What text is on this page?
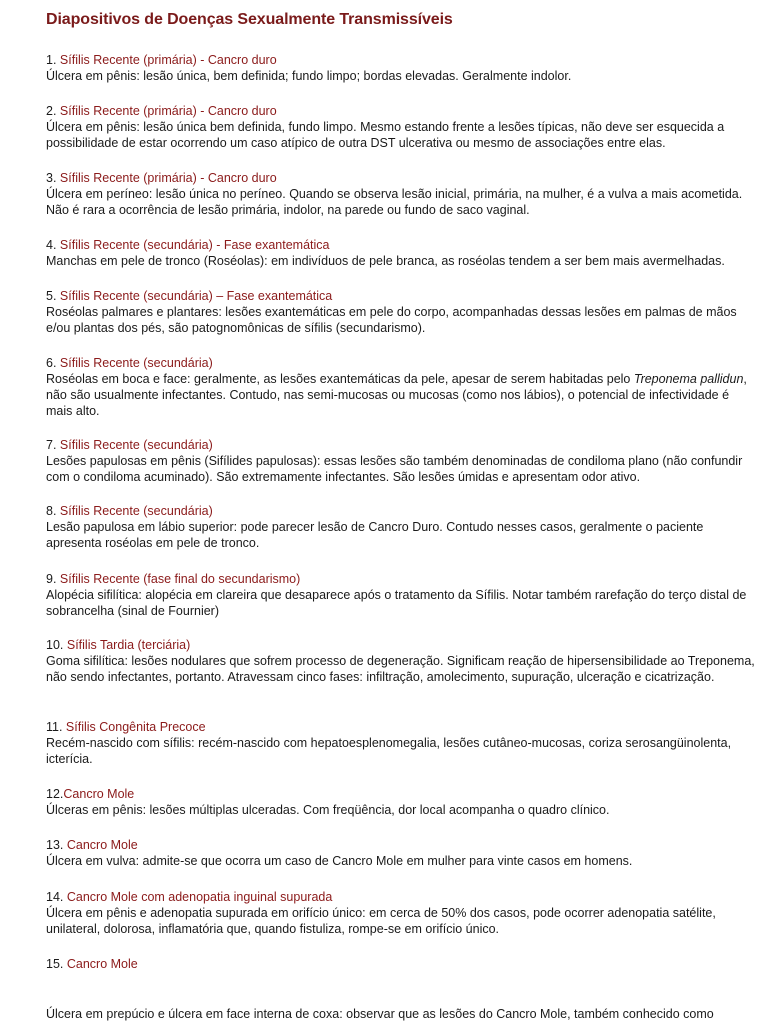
Diapositivos de Doenças Sexualmente Transmissíveis
1. Sífilis Recente (primária) - Cancro duro
Úlcera em pênis: lesão única, bem definida; fundo limpo; bordas elevadas. Geralmente indolor.
2. Sífilis Recente (primária) - Cancro duro
Úlcera em pênis: lesão única bem definida, fundo limpo. Mesmo estando frente a lesões típicas, não deve ser esquecida a possibilidade de estar ocorrendo um caso atípico de outra DST ulcerativa ou mesmo de associações entre elas.
3. Sífilis Recente (primária) - Cancro duro
Úlcera em períneo: lesão única no períneo. Quando se observa lesão inicial, primária, na mulher, é a vulva a mais acometida. Não é rara a ocorrência de lesão primária, indolor, na parede ou fundo de saco vaginal.
4. Sífilis Recente (secundária) - Fase exantemática
Manchas em pele de tronco (Roséolas): em indivíduos de pele branca, as roséolas tendem a ser bem mais avermelhadas.
5. Sífilis Recente (secundária) – Fase exantemática
Roséolas palmares e plantares: lesões exantemáticas em pele do corpo, acompanhadas dessas lesões em palmas de mãos e/ou plantas dos pés, são patognomônicas de sífilis (secundarismo).
6. Sífilis Recente (secundária)
Roséolas em boca e face: geralmente, as lesões exantemáticas da pele, apesar de serem habitadas pelo Treponema pallidun, não são usualmente infectantes. Contudo, nas semi-mucosas ou mucosas (como nos lábios), o potencial de infectividade é mais alto.
7. Sífilis Recente (secundária)
Lesões papulosas em pênis (Sifílides papulosas): essas lesões são também denominadas de condiloma plano (não confundir com o condiloma acuminado). São extremamente infectantes. São lesões úmidas e apresentam odor ativo.
8. Sífilis Recente (secundária)
Lesão papulosa em lábio superior: pode parecer lesão de Cancro Duro. Contudo nesses casos, geralmente o paciente apresenta roséolas em pele de tronco.
9. Sífilis Recente (fase final do secundarismo)
Alopécia sifilítica: alopécia em clareira que desaparece após o tratamento da Sífilis. Notar também rarefação do terço distal de sobrancelha (sinal de Fournier)
10. Sífilis Tardia (terciária)
Goma sifilítica: lesões nodulares que sofrem processo de degeneração. Significam reação de hipersensibilidade ao Treponema, não sendo infectantes, portanto. Atravessam cinco fases: infiltração, amolecimento, supuração, ulceração e cicatrização.
11. Sífilis Congênita Precoce
Recém-nascido com sífilis: recém-nascido com hepatoesplenomegalia, lesões cutâneo-mucosas, coriza serosangüinolenta, icterícia.
12.Cancro Mole
Úlceras em pênis: lesões múltiplas ulceradas. Com freqüência, dor local acompanha o quadro clínico.
13. Cancro Mole
Úlcera em vulva: admite-se que ocorra um caso de Cancro Mole em mulher para vinte casos em homens.
14. Cancro Mole com adenopatia inguinal supurada
Úlcera em pênis e adenopatia supurada em orifício único: em cerca de 50% dos casos, pode ocorrer adenopatia satélite, unilateral, dolorosa, inflamatória que, quando fistuliza, rompe-se em orifício único.
15. Cancro Mole
Úlcera em prepúcio e úlcera em face interna de coxa: observar que as lesões do Cancro Mole, também conhecido como
